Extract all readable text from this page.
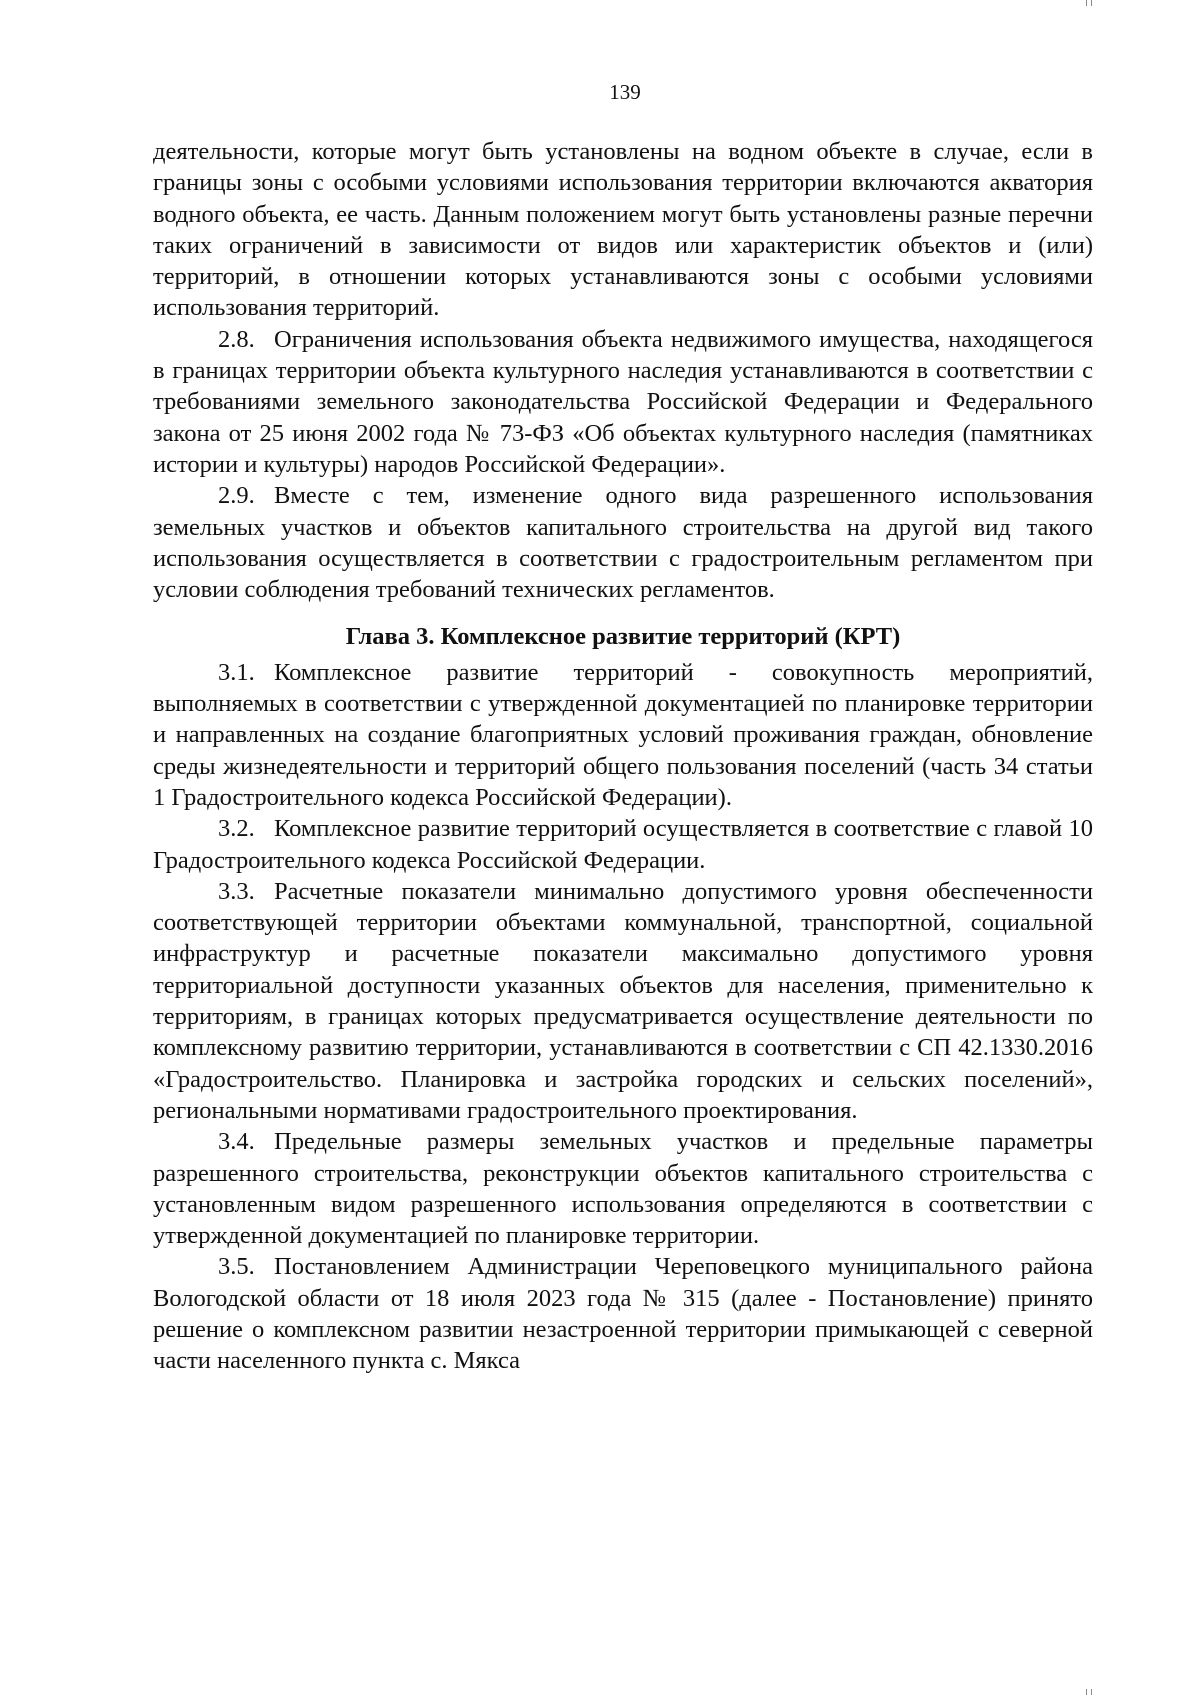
139

деятельности, которые могут быть установлены на водном объекте в случае, если в границы зоны с особыми условиями использования территории включаются акватория водного объекта, ее часть. Данным положением могут быть установлены разные перечни таких ограничений в зависимости от видов или характеристик объектов и (или) территорий, в отношении которых устанавливаются зоны с особыми условиями использования территорий.

2.8. Ограничения использования объекта недвижимого имущества, находящегося в границах территории объекта культурного наследия устанавливаются в соответствии с требованиями земельного законодательства Российской Федерации и Федерального закона от 25 июня 2002 года № 73-ФЗ «Об объектах культурного наследия (памятниках истории и культуры) народов Российской Федерации».

2.9. Вместе с тем, изменение одного вида разрешенного использования земельных участков и объектов капитального строительства на другой вид такого использования осуществляется в соответствии с градостроительным регламентом при условии соблюдения требований технических регламентов.

Глава 3. Комплексное развитие территорий (КРТ)

3.1. Комплексное развитие территорий - совокупность мероприятий, выполняемых в соответствии с утвержденной документацией по планировке территории и направленных на создание благоприятных условий проживания граждан, обновление среды жизнедеятельности и территорий общего пользования поселений (часть 34 статьи 1 Градостроительного кодекса Российской Федерации).

3.2. Комплексное развитие территорий осуществляется в соответствие с главой 10 Градостроительного кодекса Российской Федерации.

3.3. Расчетные показатели минимально допустимого уровня обеспеченности соответствующей территории объектами коммунальной, транспортной, социальной инфраструктур и расчетные показатели максимально допустимого уровня территориальной доступности указанных объектов для населения, применительно к территориям, в границах которых предусматривается осуществление деятельности по комплексному развитию территории, устанавливаются в соответствии с СП 42.1330.2016 «Градостроительство. Планировка и застройка городских и сельских поселений», региональными нормативами градостроительного проектирования.

3.4. Предельные размеры земельных участков и предельные параметры разрешенного строительства, реконструкции объектов капитального строительства с установленным видом разрешенного использования определяются в соответствии с утвержденной документацией по планировке территории.

3.5. Постановлением Администрации Череповецкого муниципального района Вологодской области от 18 июля 2023 года № 315 (далее - Постановление) принято решение о комплексном развитии незастроенной территории примыкающей с северной части населенного пункта с. Мякса
